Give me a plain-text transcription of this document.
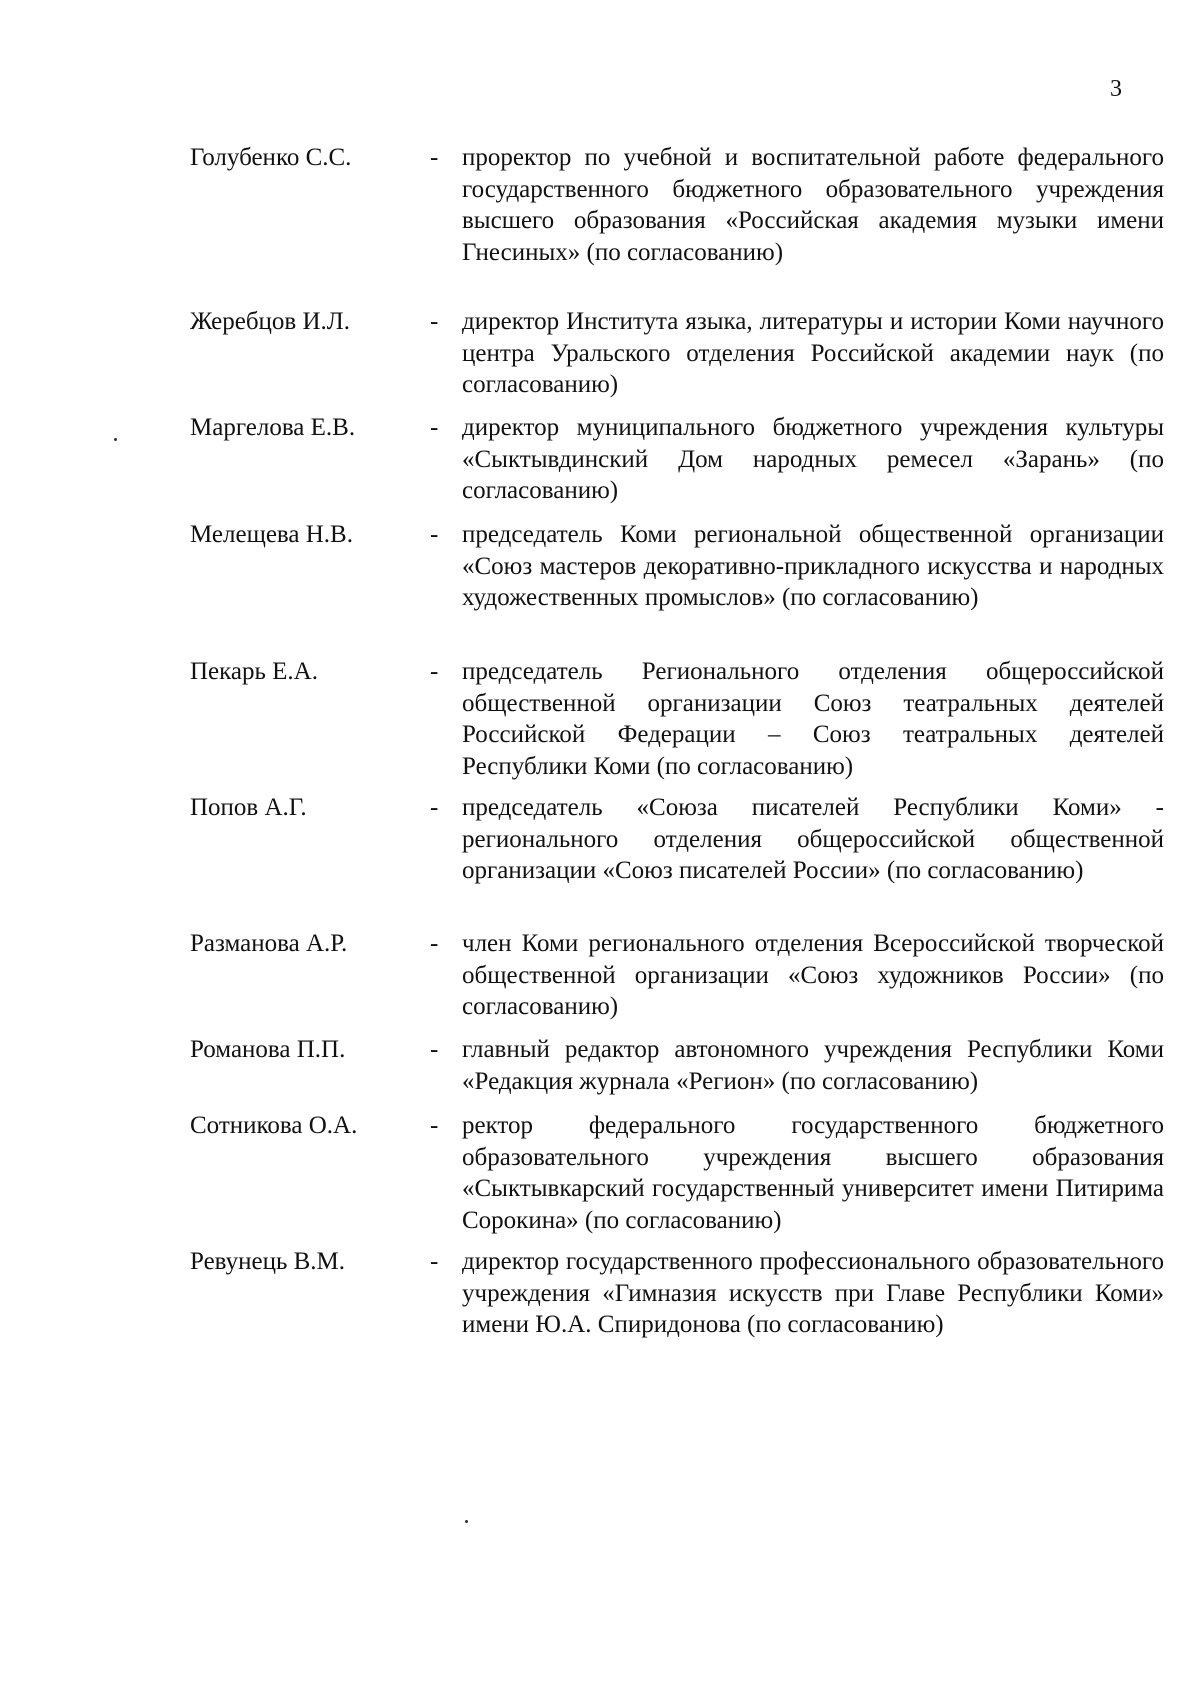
3
Голубенко С.С.	- проректор по учебной и воспитательной работе федерального государственного бюджетного образовательного учреждения высшего образования «Российская академия музыки имени Гнесиных» (по согласованию)
Жеребцов И.Л.	- директор Института языка, литературы и истории Коми научного центра Уральского отделения Российской академии наук (по согласованию)
Маргелова Е.В.	- директор муниципального бюджетного учреждения культуры «Сыктывдинский Дом народных ремесел «Зарань» (по согласованию)
Мелещева Н.В.	- председатель Коми региональной общественной организации «Союз мастеров декоративно-прикладного искусства и народных художественных промыслов» (по согласованию)
Пекарь Е.А.	- председатель Регионального отделения общероссийской общественной организации Союз театральных деятелей Российской Федерации – Союз театральных деятелей Республики Коми (по согласованию)
Попов А.Г.	- председатель «Союза писателей Республики Коми» - регионального отделения общероссийской общественной организации «Союз писателей России» (по согласованию)
Разманова А.Р.	- член Коми регионального отделения Всероссийской творческой общественной организации «Союз художников России» (по согласованию)
Романова П.П.	- главный редактор автономного учреждения Республики Коми «Редакция журнала «Регион» (по согласованию)
Сотникова О.А.	- ректор федерального государственного бюджетного образовательного учреждения высшего образования «Сыктывкарский государственный университет имени Питирима Сорокина» (по согласованию)
Ревунець В.М.	- директор государственного профессионального образовательного учреждения «Гимназия искусств при Главе Республики Коми» имени Ю.А. Спиридонова (по согласованию)
